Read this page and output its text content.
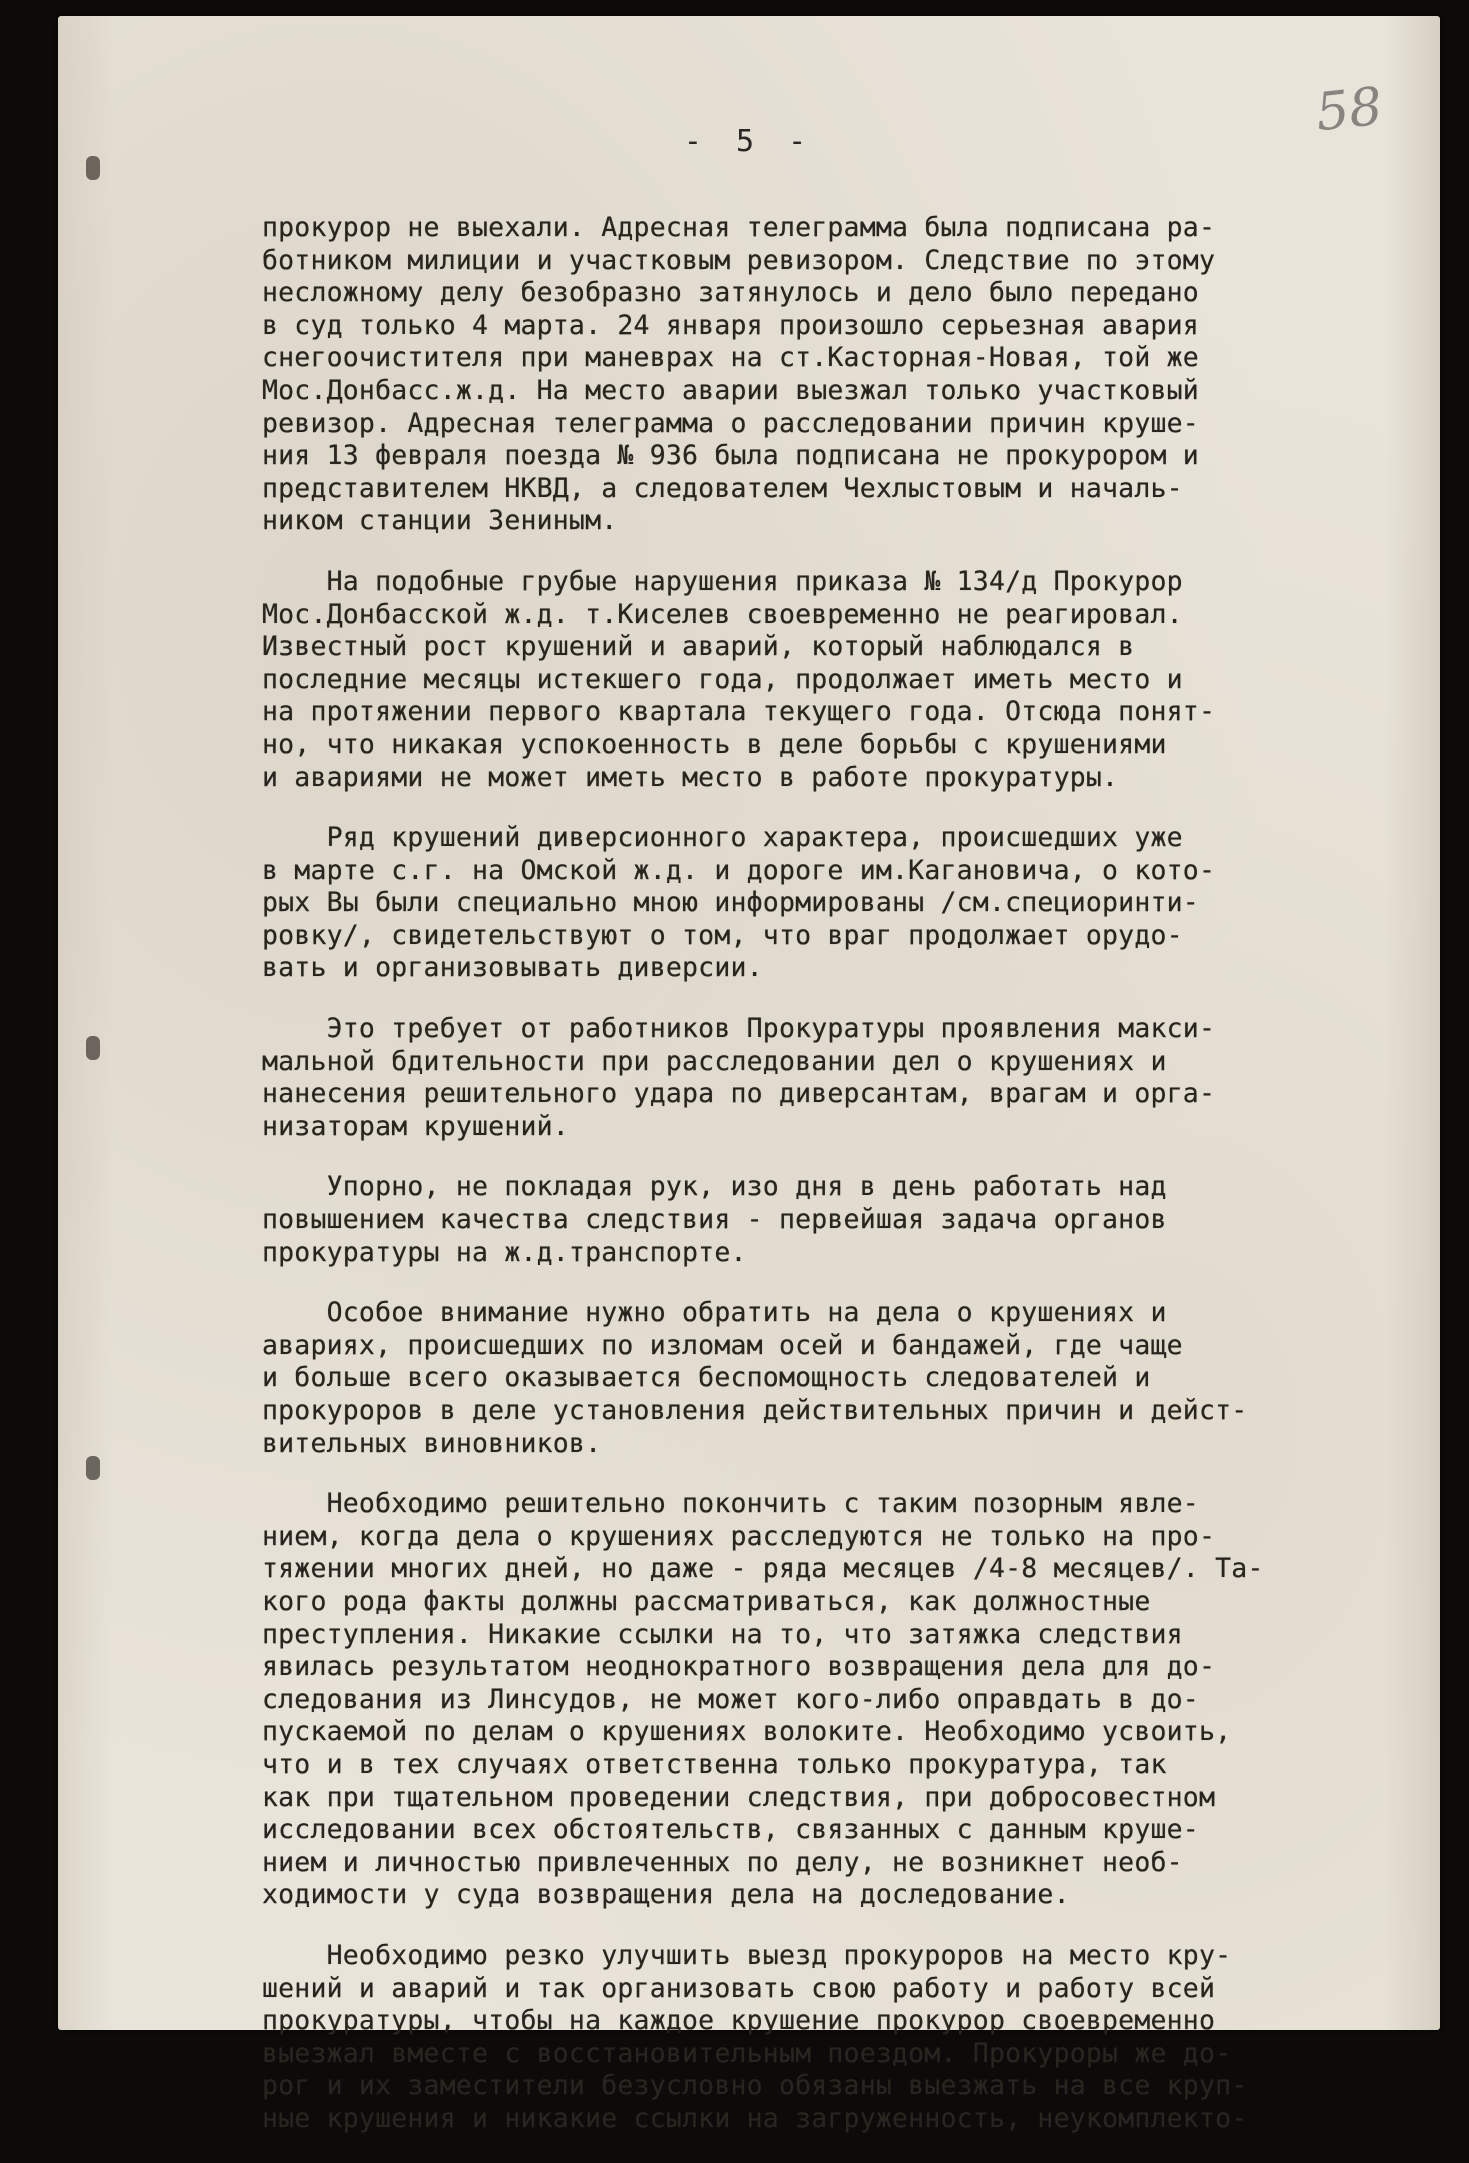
- 5 -	58
прокурор не выехали. Адресная телеграмма была подписана ра-
ботником милиции и участковым ревизором. Следствие по этому
несложному делу безобразно затянулось и дело было передано
в суд только 4 марта. 24 января произошло серьезная авария
снегоочистителя при маневрах на ст.Касторная-Новая, той же
Мос.Донбасс.ж.д. На место аварии выезжал только участковый
ревизор. Адресная телеграмма о расследовании причин круше-
ния 13 февраля поезда № 936 была подписана не прокурором и
представителем НКВД, а следователем Чехлыстовым и началь-
ником станции Зениным.
На подобные грубые нарушения приказа № 134/д Прокурор
Мос.Донбасской ж.д. т.Киселев своевременно не реагировал.
Известный рост крушений и аварий, который наблюдался в
последние месяцы истекшего года, продолжает иметь место и
на протяжении первого квартала текущего года. Отсюда понят-
но, что никакая успокоенность в деле борьбы с крушениями
и авариями не может иметь место в работе прокуратуры.
Ряд крушений диверсионного характера, происшедших уже
в марте с.г. на Омской ж.д. и дороге им.Кагановича, о кото-
рых Вы были специально мною информированы /см.специоринти-
ровку/, свидетельствуют о том, что враг продолжает орудо-
вать и организовывать диверсии.
Это требует от работников Прокуратуры проявления макси-
мальной бдительности при расследовании дел о крушениях и
нанесения решительного удара по диверсантам, врагам и орга-
низаторам крушений.
Упорно, не покладая рук, изо дня в день работать над
повышением качества следствия - первейшая задача органов
прокуратуры на ж.д.транспорте.
Особое внимание нужно обратить на дела о крушениях и
авариях, происшедших по изломам осей и бандажей, где чаще
и больше всего оказывается беспомощность следователей и
прокуроров в деле установления действительных причин и дейст-
вительных виновников.
Необходимо решительно покончить с таким позорным явле-
нием, когда дела о крушениях расследуются не только на про-
тяжении многих дней, но даже - ряда месяцев /4-8 месяцев/. Та-
кого рода факты должны рассматриваться, как должностные
преступления. Никакие ссылки на то, что затяжка следствия
явилась результатом неоднократного возвращения дела для до-
следования из Линсудов, не может кого-либо оправдать в до-
пускаемой по делам о крушениях волоките. Необходимо усвоить,
что и в тех случаях ответственна только прокуратура, так
как при тщательном проведении следствия, при добросовестном
исследовании всех обстоятельств, связанных с данным круше-
нием и личностью привлеченных по делу, не возникнет необ-
ходимости у суда возвращения дела на доследование.
Необходимо резко улучшить выезд прокуроров на место кру-
шений и аварий и так организовать свою работу и работу всей
прокуратуры, чтобы на каждое крушение прокурор своевременно
выезжал вместе с восстановительным поездом. Прокуроры же до-
рог и их заместители безусловно обязаны выезжать на все круп-
ные крушения и никакие ссылки на загруженность, неукомплекто-
